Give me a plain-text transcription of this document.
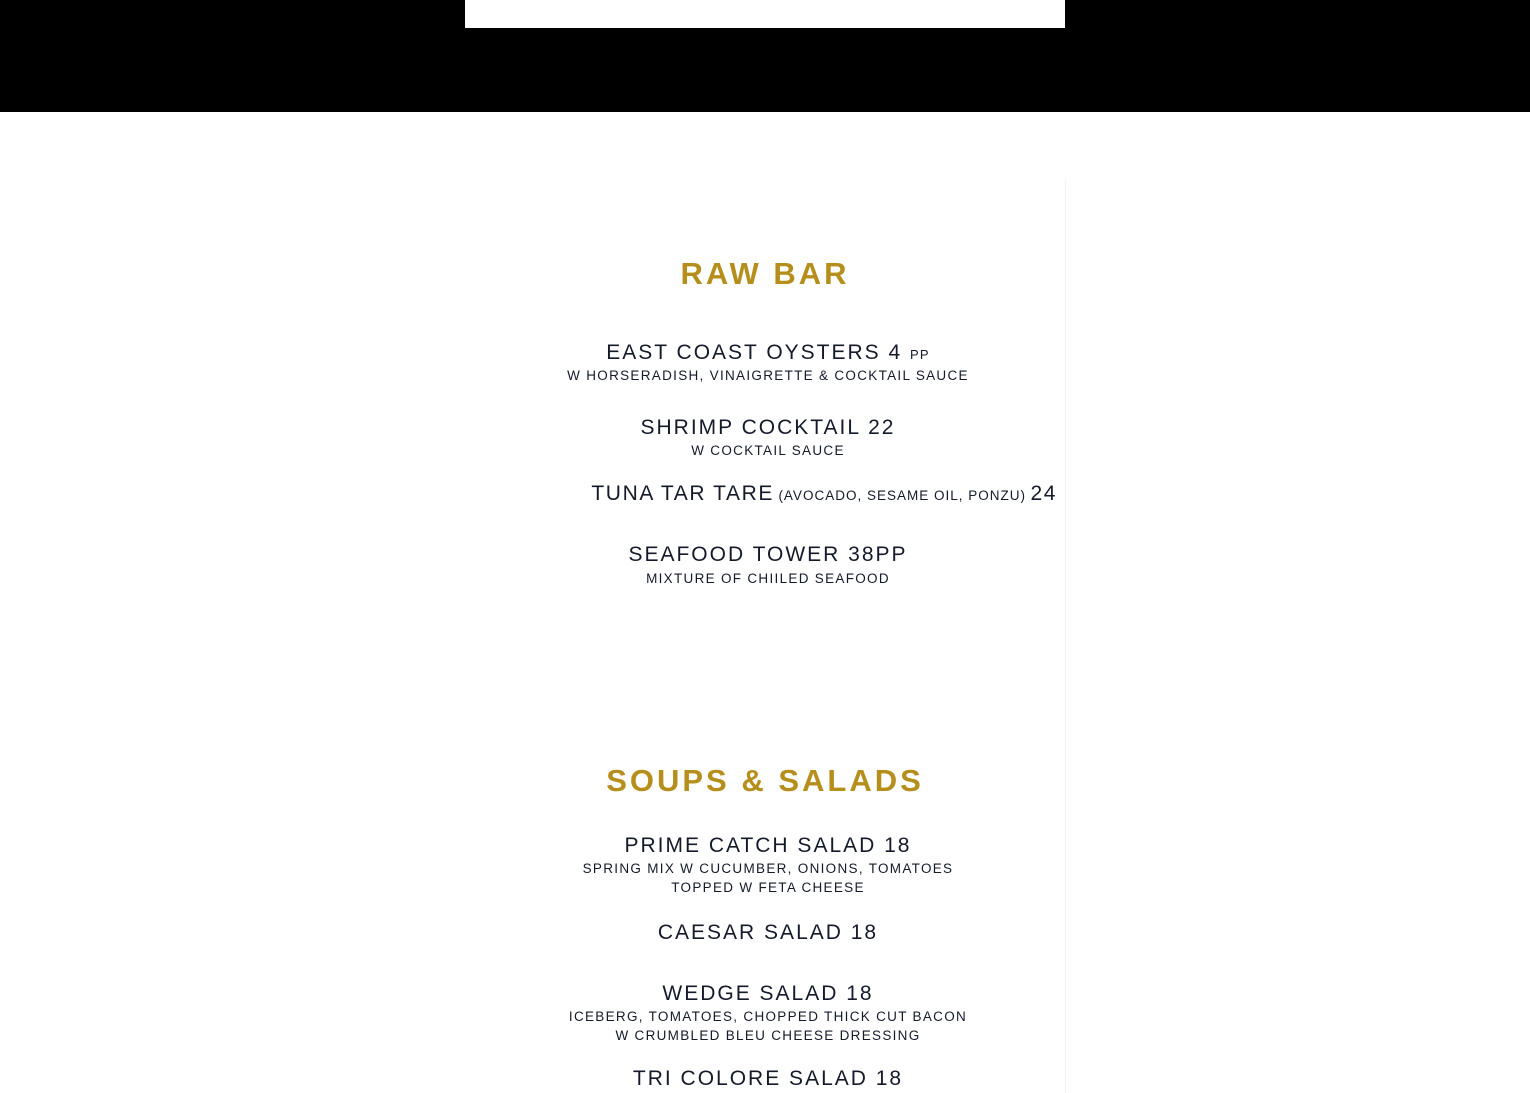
RAW BAR

EAST COAST OYSTERS 4 PP

W HORSERADISH, VINAIGRETTE & COCKTAIL SAUCE

SHRIMP COCKTAIL 22

W COCKTAIL SAUCE

TUNA TAR TARE (AVOCADO, SESAME OIL, PONZU) 24

SEAFOOD TOWER 38PP

MIXTURE OF CHIILED SEAFOOD

SOUPS & SALADS

PRIME CATCH SALAD 18

SPRING MIX W CUCUMBER, ONIONS, TOMATOES

TOPPED W FETA CHEESE

CAESAR SALAD 18

WEDGE SALAD 18

ICEBERG, TOMATOES, CHOPPED THICK CUT BACON

W CRUMBLED BLEU CHEESE DRESSING

TRI COLORE SALAD 18
